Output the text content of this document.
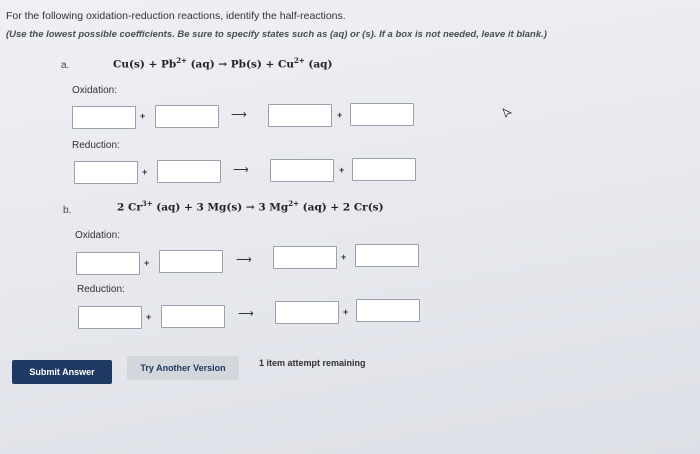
For the following oxidation-reduction reactions, identify the half-reactions.
(Use the lowest possible coefficients. Be sure to specify states such as (aq) or (s). If a box is not needed, leave it blank.)
a.	$Cu(s) + Pb^{2+}$ $(aq) \to Pb(s) + Cu^{2+}$ (aq)
Oxidation:
+	⟶	+
Reduction:
+	⟶	+
b.	2 $Cr^{3+}$ (aq) + 3 Mg(s) → 3 $Mg^{2+}$ (aq) + 2 Cr(s)
Oxidation:
+	⟶	+
Reduction:
+	⟶	+
Submit Answer	Try Another Version	1 item attempt remaining
